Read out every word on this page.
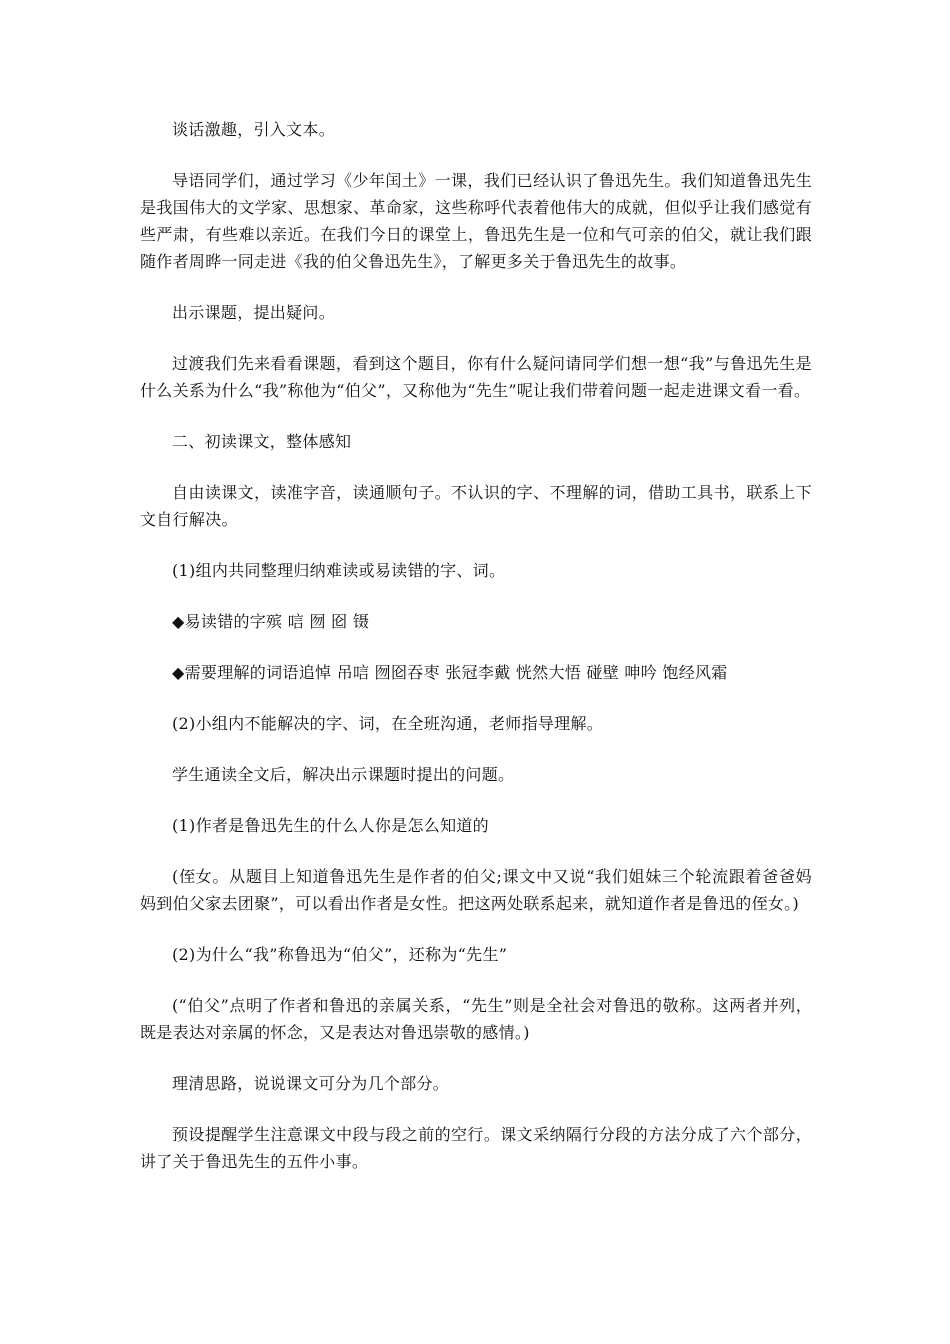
谈话激趣，引入文本。

导语同学们，通过学习《少年闰土》一课，我们已经认识了鲁迅先生。我们知道鲁迅先生是我国伟大的文学家、思想家、革命家，这些称呼代表着他伟大的成就，但似乎让我们感觉有些严肃，有些难以亲近。在我们今日的课堂上，鲁迅先生是一位和气可亲的伯父，就让我们跟随作者周晔一同走进《我的伯父鲁迅先生》，了解更多关于鲁迅先生的故事。

出示课题，提出疑问。

过渡我们先来看看课题，看到这个题目，你有什么疑问请同学们想一想“我”与鲁迅先生是什么关系为什么“我”称他为“伯父”，又称他为“先生”呢让我们带着问题一起走进课文看一看。

二、初读课文，整体感知

自由读课文，读准字音，读通顺句子。不认识的字、不理解的词，借助工具书，联系上下文自行解决。

(1)组内共同整理归纳难读或易读错的字、词。

◆易读错的字殡 唁 囫 囵 镊

◆需要理解的词语追悼 吊唁 囫囵吞枣 张冠李戴 恍然大悟 碰壁 呻吟 饱经风霜

(2)小组内不能解决的字、词，在全班沟通，老师指导理解。

学生通读全文后，解决出示课题时提出的问题。

(1)作者是鲁迅先生的什么人你是怎么知道的

(侄女。从题目上知道鲁迅先生是作者的伯父;课文中又说“我们姐妹三个轮流跟着爸爸妈妈到伯父家去团聚”，可以看出作者是女性。把这两处联系起来，就知道作者是鲁迅的侄女。)

(2)为什么“我”称鲁迅为“伯父”，还称为“先生”

(“伯父”点明了作者和鲁迅的亲属关系，“先生”则是全社会对鲁迅的敬称。这两者并列，既是表达对亲属的怀念，又是表达对鲁迅崇敬的感情。)

理清思路，说说课文可分为几个部分。

预设提醒学生注意课文中段与段之前的空行。课文采纳隔行分段的方法分成了六个部分，讲了关于鲁迅先生的五件小事。
